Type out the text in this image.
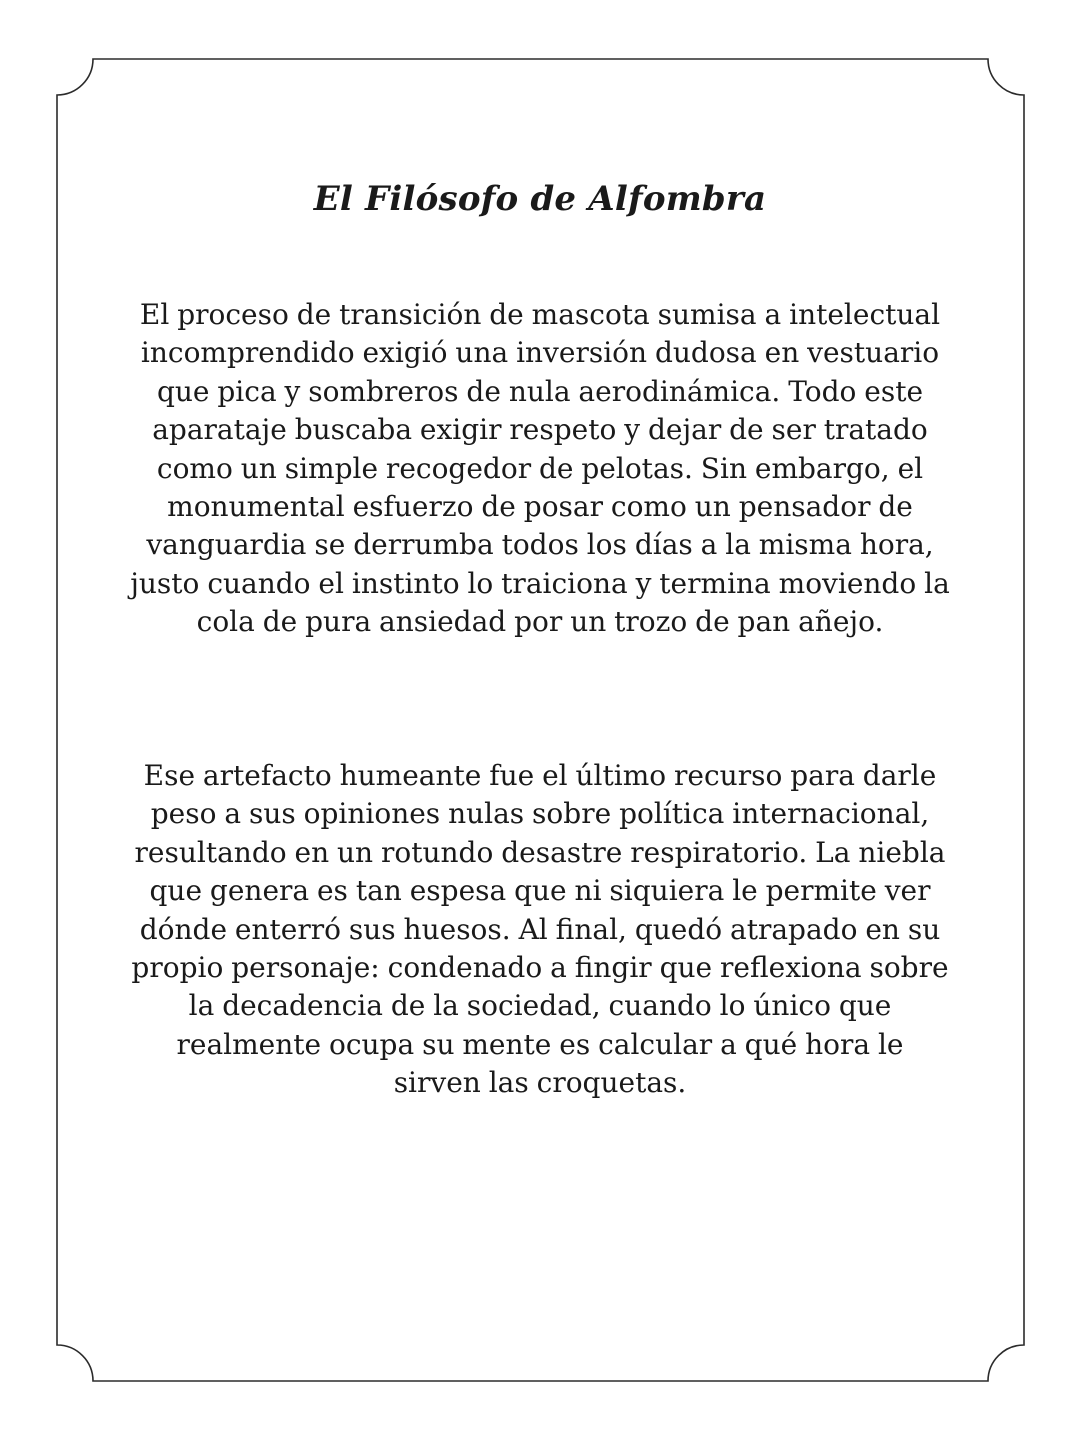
El Filósofo de Alfombra

El proceso de transición de mascota sumisa a intelectual incomprendido exigió una inversión dudosa en vestuario que pica y sombreros de nula aerodinámica. Todo este aparataje buscaba exigir respeto y dejar de ser tratado como un simple recogedor de pelotas. Sin embargo, el monumental esfuerzo de posar como un pensador de vanguardia se derrumba todos los días a la misma hora, justo cuando el instinto lo traiciona y termina moviendo la cola de pura ansiedad por un trozo de pan añejo.

Ese artefacto humeante fue el último recurso para darle peso a sus opiniones nulas sobre política internacional, resultando en un rotundo desastre respiratorio. La niebla que genera es tan espesa que ni siquiera le permite ver dónde enterró sus huesos. Al final, quedó atrapado en su propio personaje: condenado a fingir que reflexiona sobre la decadencia de la sociedad, cuando lo único que realmente ocupa su mente es calcular a qué hora le sirven las croquetas.
